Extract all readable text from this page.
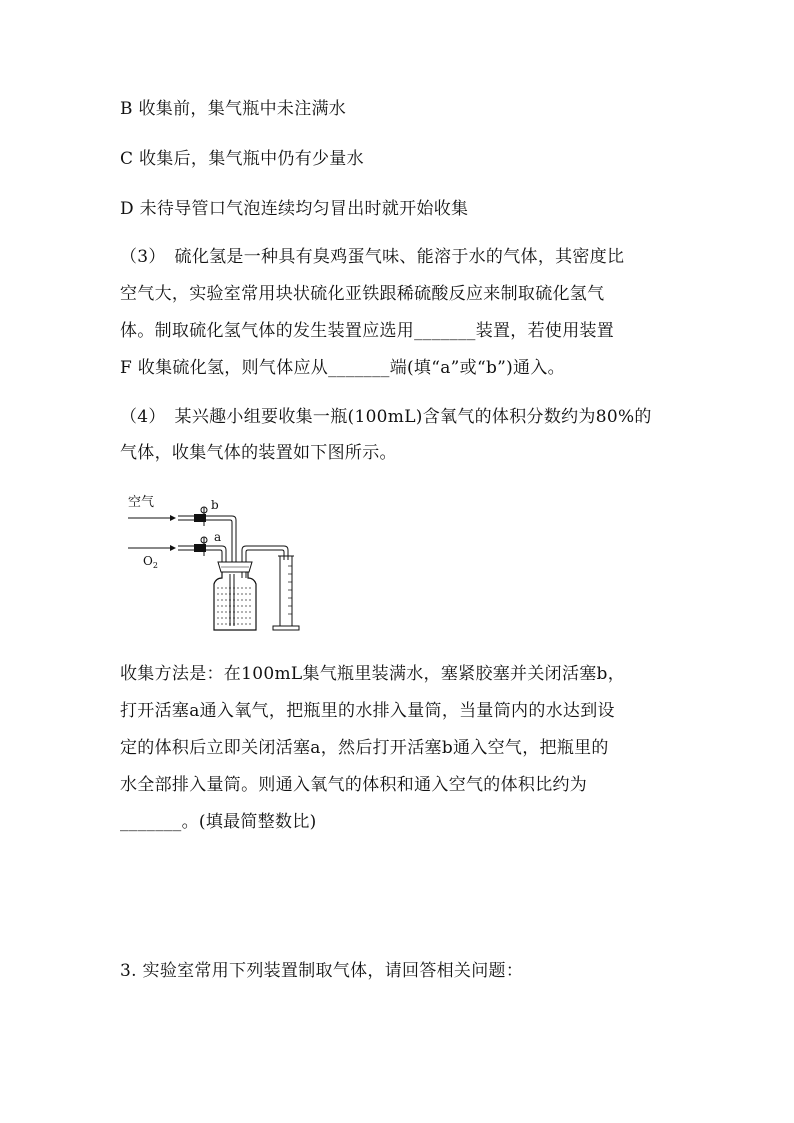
B 收集前，集气瓶中未注满水
C 收集后，集气瓶中仍有少量水
D 未待导管口气泡连续均匀冒出时就开始收集
（3）　硫化氢是一种具有臭鸡蛋气味、能溶于水的气体，其密度比
空气大，实验室常用块状硫化亚铁跟稀硫酸反应来制取硫化氢气
体。制取硫化氢气体的发生装置应选用_______装置，若使用装置
F 收集硫化氢，则气体应从_______端(填“a”或“b”)通入。
（4）　某兴趣小组要收集一瓶(100mL)含氧气的体积分数约为80%的
气体，收集气体的装置如下图所示。
空气
$O_2$
b
a
收集方法是：在100mL集气瓶里装满水，塞紧胶塞并关闭活塞b，
打开活塞a通入氧气，把瓶里的水排入量筒，当量筒内的水达到设
定的体积后立即关闭活塞a，然后打开活塞b通入空气，把瓶里的
水全部排入量筒。则通入氧气的体积和通入空气的体积比约为
_______。(填最简整数比)
3. 实验室常用下列装置制取气体，请回答相关问题：
